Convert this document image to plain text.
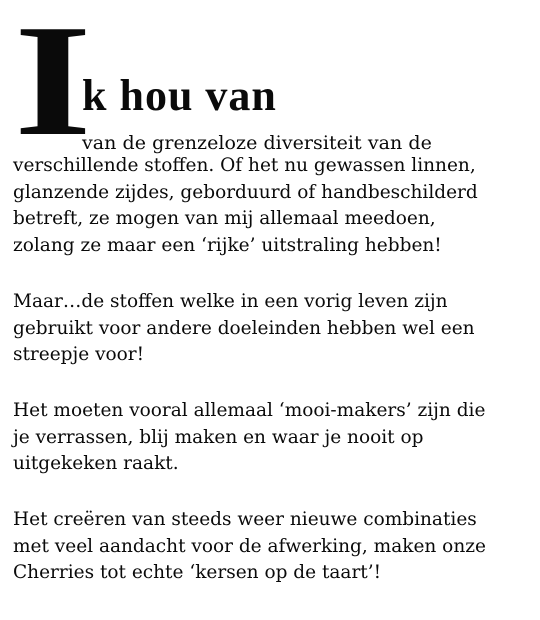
I
k hou van

van de grenzeloze diversiteit van de

verschillende stoffen. Of het nu gewassen linnen,
glanzende zijdes, geborduurd of handbeschilderd
betreft, ze mogen van mij allemaal meedoen,
zolang ze maar een ‘rijke’ uitstraling hebben!

Maar…de stoffen welke in een vorig leven zijn
gebruikt voor andere doeleinden hebben wel een
streepje voor!

Het moeten vooral allemaal ‘mooi-makers’ zijn die
je verrassen, blij maken en waar je nooit op
uitgekeken raakt.

Het creëren van steeds weer nieuwe combinaties
met veel aandacht voor de afwerking, maken onze
Cherries tot echte ‘kersen op de taart’!
